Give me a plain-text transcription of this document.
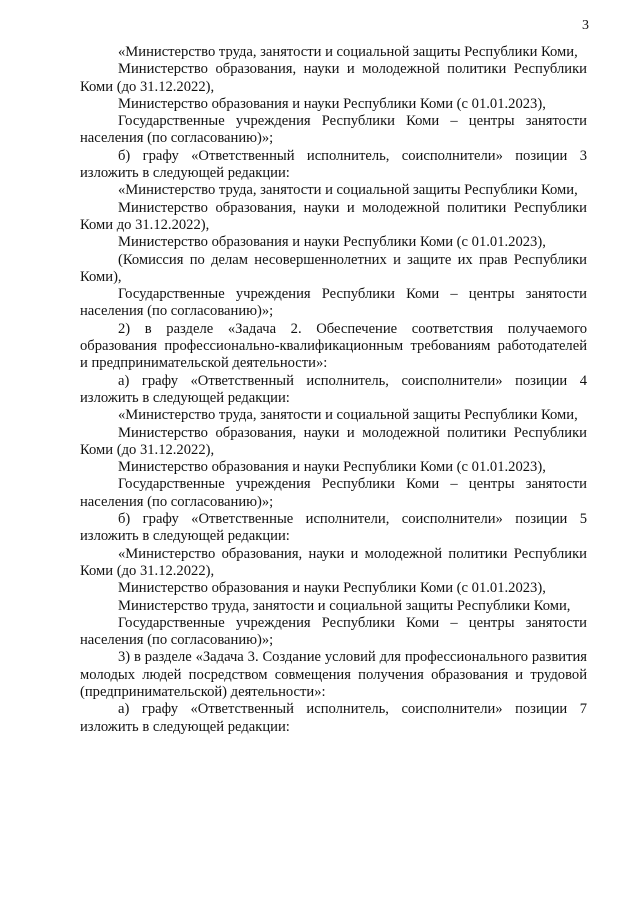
3

«Министерство труда, занятости и социальной защиты Республики Коми,

Министерство образования, науки и молодежной политики Республики Коми (до 31.12.2022),

Министерство образования и науки Республики Коми (с 01.01.2023),

Государственные учреждения Республики Коми – центры занятости населения (по согласованию)»;

б) графу «Ответственный исполнитель, соисполнители» позиции 3 изложить в следующей редакции:

«Министерство труда, занятости и социальной защиты Республики Коми,

Министерство образования, науки и молодежной политики Республики Коми до 31.12.2022),

Министерство образования и науки Республики Коми (с 01.01.2023),

(Комиссия по делам несовершеннолетних и защите их прав Республики Коми),

Государственные учреждения Республики Коми – центры занятости населения (по согласованию)»;

2) в разделе «Задача 2. Обеспечение соответствия получаемого образования профессионально-квалификационным требованиям работодателей и предпринимательской деятельности»:

а) графу «Ответственный исполнитель, соисполнители» позиции 4 изложить в следующей редакции:

«Министерство труда, занятости и социальной защиты Республики Коми,

Министерство образования, науки и молодежной политики Республики Коми (до 31.12.2022),

Министерство образования и науки Республики Коми (с 01.01.2023),

Государственные учреждения Республики Коми – центры занятости населения (по согласованию)»;

б) графу «Ответственные исполнители, соисполнители» позиции 5 изложить в следующей редакции:

«Министерство образования, науки и молодежной политики Республики Коми (до 31.12.2022),

Министерство образования и науки Республики Коми (с 01.01.2023),

Министерство труда, занятости и социальной защиты Республики Коми,

Государственные учреждения Республики Коми – центры занятости населения (по согласованию)»;

3) в разделе «Задача 3. Создание условий для профессионального развития молодых людей посредством совмещения получения образования и трудовой (предпринимательской) деятельности»:

а) графу «Ответственный исполнитель, соисполнители» позиции 7 изложить в следующей редакции:
